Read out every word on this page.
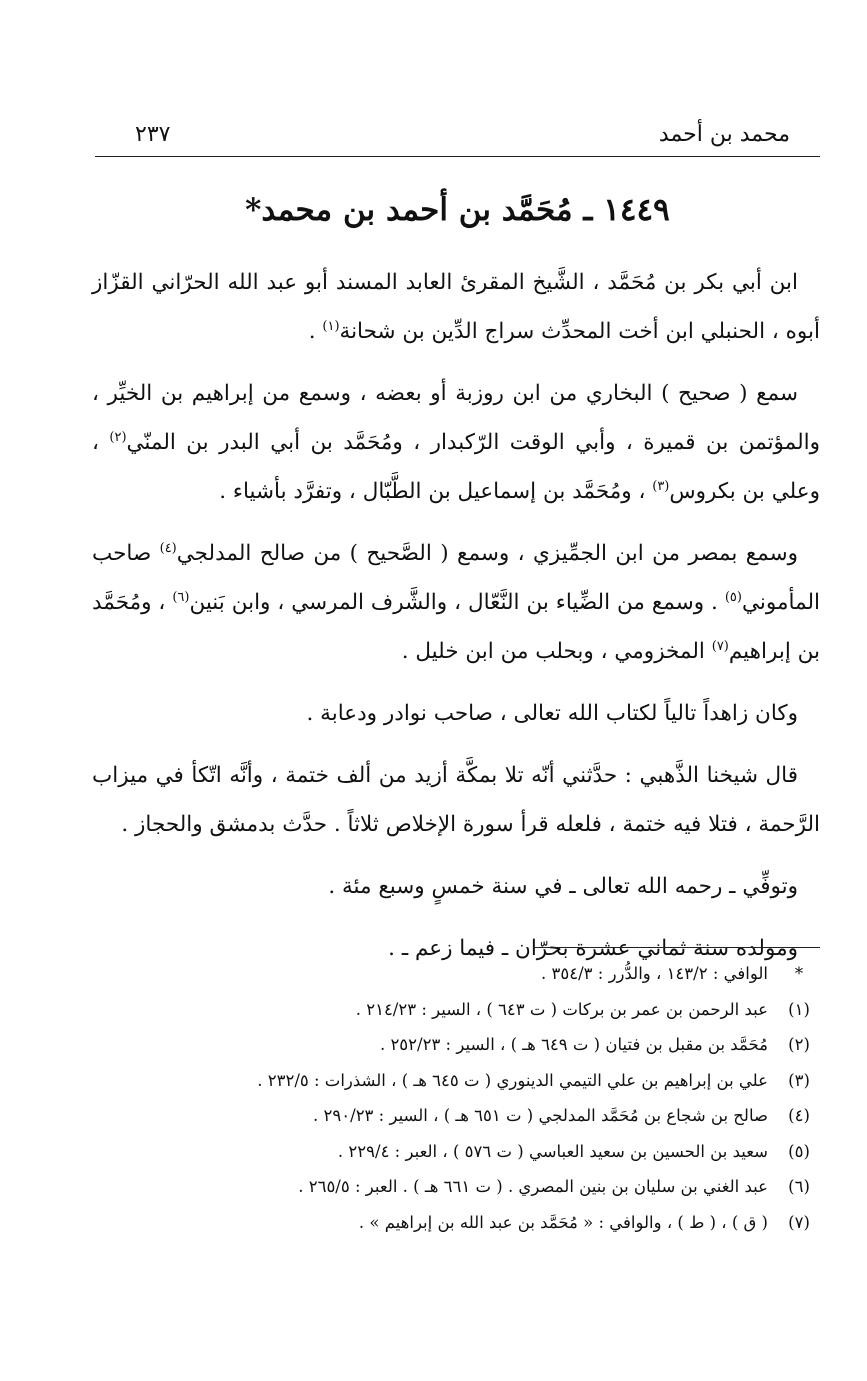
محمد بن أحمد
٢٣٧
١٤٤٩ ـ مُحَمَّد بن أحمد بن محمد*

ابن أبي بكر بن مُحَمَّد ، الشَّيخ المقرئ العابد المسند أبو عبد الله الحرّاني القزّاز أبوه ، الحنبلي ابن أخت المحدِّث سراج الدِّين بن شحانة$^{(١)}$ .

سمع ( صحيح ) البخاري من ابن روزبة أو بعضه ، وسمع من إبراهيم بن الخيِّر ، والمؤتمن بن قميرة ، وأبي الوقت الرّكبدار ، ومُحَمَّد بن أبي البدر بن المنّي$^{(٢)}$ ، وعلي بن بكروس$^{(٣)}$ ، ومُحَمَّد بن إسماعيل بن الطَّبّال ، وتفرَّد بأشياء .

وسمع بمصر من ابن الجمِّيزي ، وسمع ( الصَّحيح ) من صالح المدلجي$^{(٤)}$ صاحب المأموني$^{(٥)}$ . وسمع من الضِّياء بن النَّعّال ، والشَّرف المرسي ، وابن بَنين$^{(٦)}$ ، ومُحَمَّد بن إبراهيم$^{(٧)}$ المخزومي ، وبحلب من ابن خليل .

وكان زاهداً تالياً لكتاب الله تعالى ، صاحب نوادر ودعابة .

قال شيخنا الذَّهبي : حدَّثني أنّه تلا بمكَّة أزيد من ألف ختمة ، وأنَّه اتّكأ في ميزاب الرَّحمة ، فتلا فيه ختمة ، فلعله قرأ سورة الإخلاص ثلاثاً . حدَّث بدمشق والحجاز .

وتوفِّي ـ رحمه الله تعالى ـ في سنة خمسٍ وسبع مئة .

ومولده سنة ثماني عشرة بحرّان ـ فيما زعم ـ .

*
الوافي : ١٤٣/٢ ، والدُّرر : ٣٥٤/٣ .
(١)
عبد الرحمن بن عمر بن بركات ( ت ٦٤٣ ) ، السير : ٢١٤/٢٣ .
(٢)
مُحَمَّد بن مقبل بن فتيان ( ت ٦٤٩ هـ ) ، السير : ٢٥٢/٢٣ .
(٣)
علي بن إبراهيم بن علي التيمي الدينوري ( ت ٦٤٥ هـ ) ، الشذرات : ٢٣٢/٥ .
(٤)
صالح بن شجاع بن مُحَمَّد المدلجي ( ت ٦٥١ هـ ) ، السير : ٢٩٠/٢٣ .
(٥)
سعيد بن الحسين بن سعيد العباسي ( ت ٥٧٦ ) ، العبر : ٢٢٩/٤ .
(٦)
عبد الغني بن سليان بن بنين المصري . ( ت ٦٦١ هـ ) . العبر : ٢٦٥/٥ .
(٧)
( ق ) ، ( ط ) ، والوافي : « مُحَمَّد بن عبد الله بن إبراهيم » .
